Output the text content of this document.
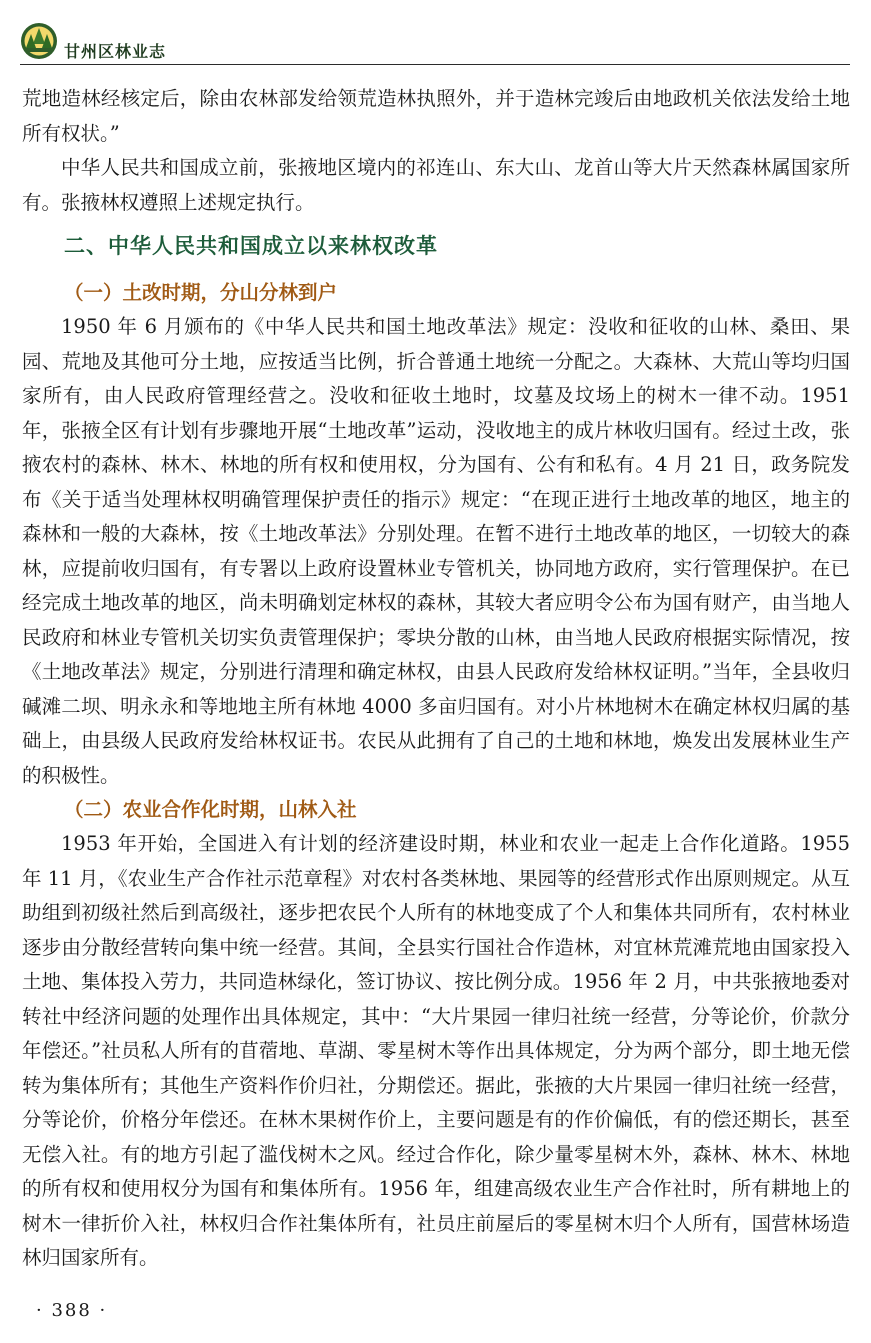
甘州区林业志

荒地造林经核定后，除由农林部发给领荒造林执照外，并于造林完竣后由地政机关依法发给土地所有权状。”

中华人民共和国成立前，张掖地区境内的祁连山、东大山、龙首山等大片天然森林属国家所有。张掖林权遵照上述规定执行。

二、中华人民共和国成立以来林权改革
（一）土改时期，分山分林到户

1950 年 6 月颁布的《中华人民共和国土地改革法》规定：没收和征收的山林、桑田、果园、荒地及其他可分土地，应按适当比例，折合普通土地统一分配之。大森林、大荒山等均归国家所有，由人民政府管理经营之。没收和征收土地时，坟墓及坟场上的树木一律不动。1951 年，张掖全区有计划有步骤地开展“土地改革”运动，没收地主的成片林收归国有。经过土改，张掖农村的森林、林木、林地的所有权和使用权，分为国有、公有和私有。4 月 21 日，政务院发布《关于适当处理林权明确管理保护责任的指示》规定：“在现正进行土地改革的地区，地主的森林和一般的大森林，按《土地改革法》分别处理。在暂不进行土地改革的地区，一切较大的森林，应提前收归国有，有专署以上政府设置林业专管机关，协同地方政府，实行管理保护。在已经完成土地改革的地区，尚未明确划定林权的森林，其较大者应明令公布为国有财产，由当地人民政府和林业专管机关切实负责管理保护；零块分散的山林，由当地人民政府根据实际情况，按《土地改革法》规定，分别进行清理和确定林权，由县人民政府发给林权证明。”当年，全县收归碱滩二坝、明永永和等地地主所有林地 4000 多亩归国有。对小片林地树木在确定林权归属的基础上，由县级人民政府发给林权证书。农民从此拥有了自己的土地和林地，焕发出发展林业生产的积极性。

（二）农业合作化时期，山林入社

1953 年开始，全国进入有计划的经济建设时期，林业和农业一起走上合作化道路。1955 年 11 月，《农业生产合作社示范章程》对农村各类林地、果园等的经营形式作出原则规定。从互助组到初级社然后到高级社，逐步把农民个人所有的林地变成了个人和集体共同所有，农村林业逐步由分散经营转向集中统一经营。其间，全县实行国社合作造林，对宜林荒滩荒地由国家投入土地、集体投入劳力，共同造林绿化，签订协议、按比例分成。1956 年 2 月，中共张掖地委对转社中经济问题的处理作出具体规定，其中：“大片果园一律归社统一经营，分等论价，价款分年偿还。”社员私人所有的苜蓿地、草湖、零星树木等作出具体规定，分为两个部分，即土地无偿转为集体所有；其他生产资料作价归社，分期偿还。据此，张掖的大片果园一律归社统一经营，分等论价，价格分年偿还。在林木果树作价上，主要问题是有的作价偏低，有的偿还期长，甚至无偿入社。有的地方引起了滥伐树木之风。经过合作化，除少量零星树木外，森林、林木、林地的所有权和使用权分为国有和集体所有。1956 年，组建高级农业生产合作社时，所有耕地上的树木一律折价入社，林权归合作社集体所有，社员庄前屋后的零星树木归个人所有，国营林场造林归国家所有。

· 388 ·
